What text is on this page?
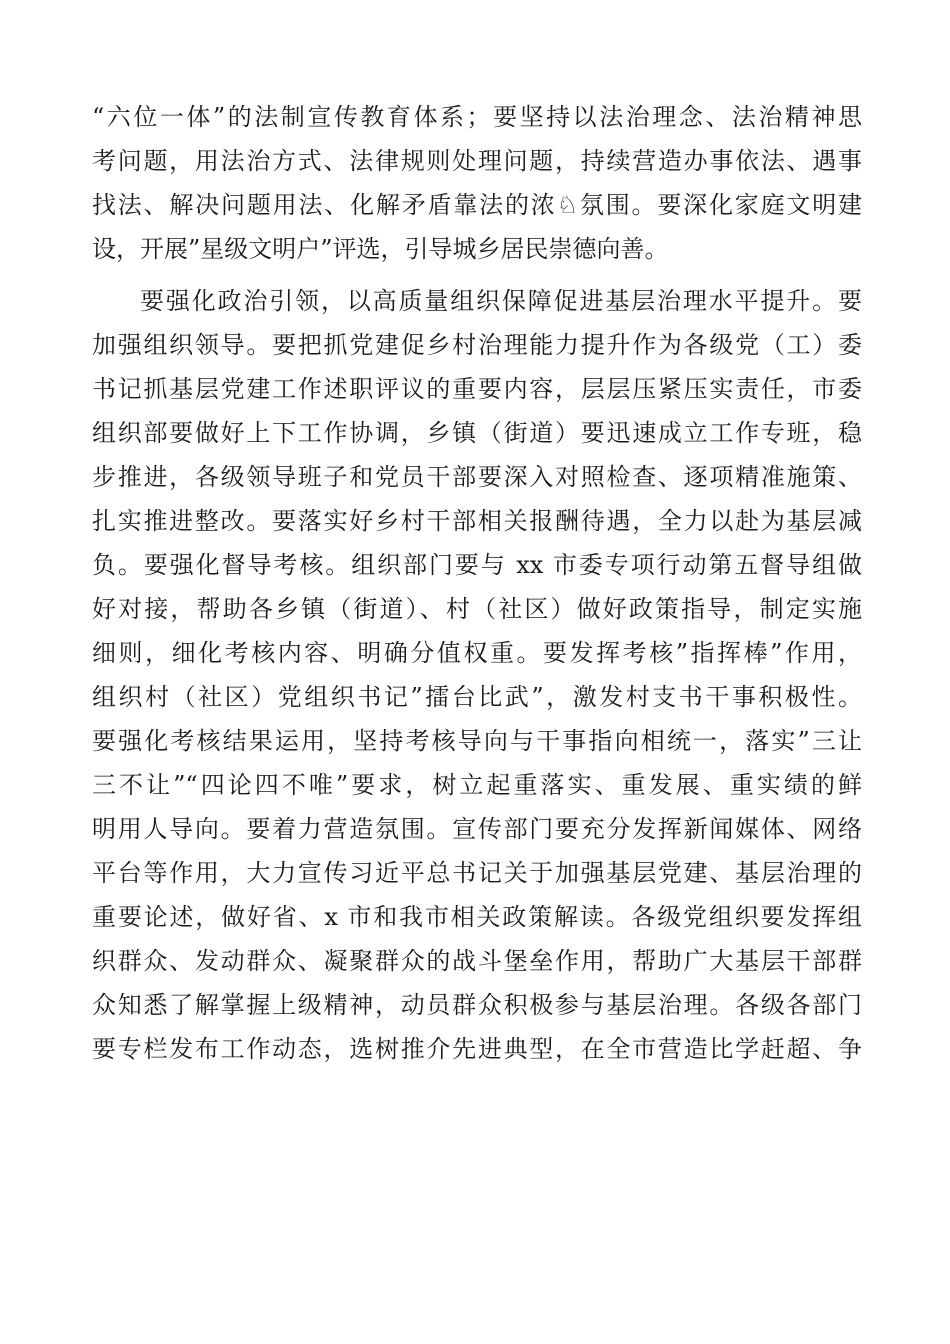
“六位一体”的法制宣传教育体系；要坚持以法治理念、法治精神思
考问题，用法治方式、法律规则处理问题，持续营造办事依法、遇事
找法、解决问题用法、化解矛盾靠法的浓♘氛围。要深化家庭文明建
设，开展”星级文明户”评选，引导城乡居民崇德向善。
要强化政治引领，以高质量组织保障促进基层治理水平提升。要
加强组织领导。要把抓党建促乡村治理能力提升作为各级党（工）委
书记抓基层党建工作述职评议的重要内容，层层压紧压实责任，市委
组织部要做好上下工作协调，乡镇（街道）要迅速成立工作专班，稳
步推进，各级领导班子和党员干部要深入对照检查、逐项精准施策、
扎实推进整改。要落实好乡村干部相关报酬待遇，全力以赴为基层减
负。要强化督导考核。组织部门要与 xx 市委专项行动第五督导组做
好对接，帮助各乡镇（街道）、村（社区）做好政策指导，制定实施
细则，细化考核内容、明确分值权重。要发挥考核”指挥棒”作用，
组织村（社区）党组织书记”擂台比武”，激发村支书干事积极性。
要强化考核结果运用，坚持考核导向与干事指向相统一，落实”三让
三不让”“四论四不唯”要求，树立起重落实、重发展、重实绩的鲜
明用人导向。要着力营造氛围。宣传部门要充分发挥新闻媒体、网络
平台等作用，大力宣传习近平总书记关于加强基层党建、基层治理的
重要论述，做好省、x 市和我市相关政策解读。各级党组织要发挥组
织群众、发动群众、凝聚群众的战斗堡垒作用，帮助广大基层干部群
众知悉了解掌握上级精神，动员群众积极参与基层治理。各级各部门
要专栏发布工作动态，选树推介先进典型，在全市营造比学赶超、争
